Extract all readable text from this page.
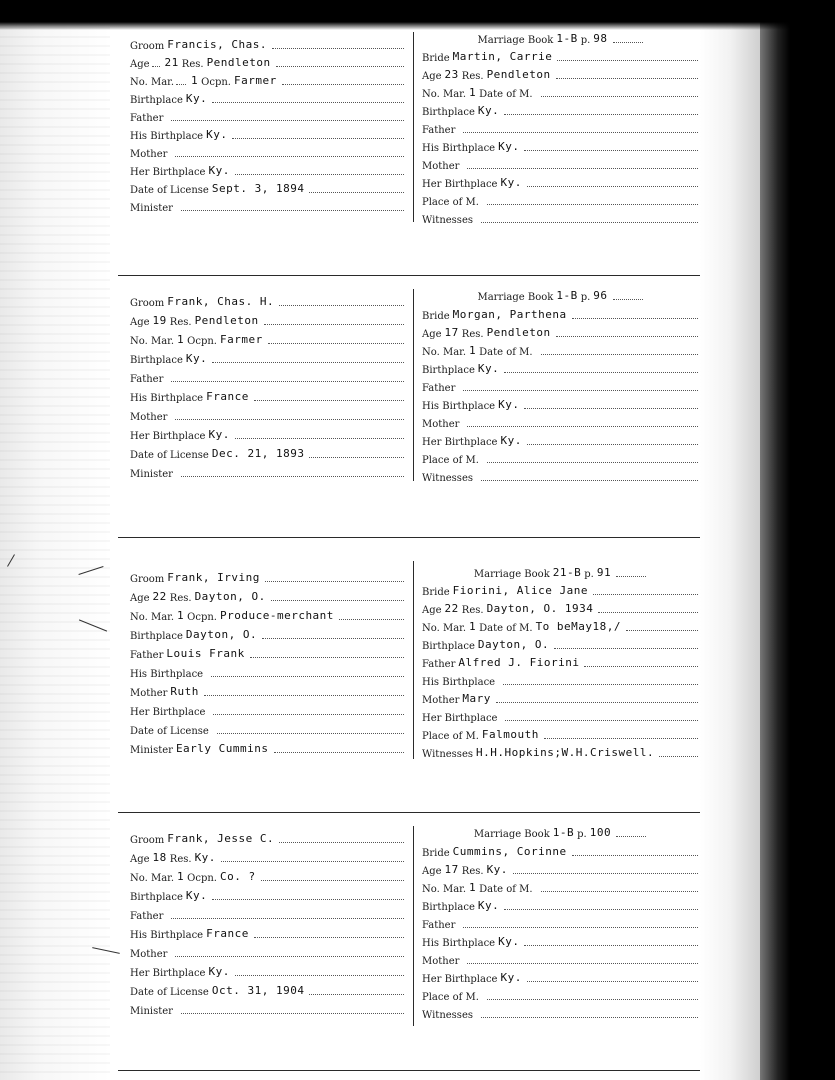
Groom Francis, Chas.
Age 21 Res. Pendleton
No. Mar. 1 Ocpn. Farmer
Birthplace Ky.
Father
His Birthplace Ky.
Mother
Her Birthplace Ky.
Date of License Sept. 3, 1894
Minister
Marriage Book 1-B p. 98
Bride Martin, Carrie
Age 23 Res. Pendleton
No. Mar. 1 Date of M.
Birthplace Ky.
Father
His Birthplace Ky.
Mother
Her Birthplace Ky.
Place of M.
Witnesses
Groom Frank, Chas. H.
Age 19 Res. Pendleton
No. Mar. 1 Ocpn. Farmer
Birthplace Ky.
Father
His Birthplace France
Mother
Her Birthplace Ky.
Date of License Dec. 21, 1893
Minister
Marriage Book 1-B p. 96
Bride Morgan, Parthena
Age 17 Res. Pendleton
No. Mar. 1 Date of M.
Birthplace Ky.
Father
His Birthplace Ky.
Mother
Her Birthplace Ky.
Place of M.
Witnesses
Groom Frank, Irving
Age 22 Res. Dayton, O.
No. Mar. 1 Ocpn. Produce-merchant
Birthplace Dayton, O.
Father Louis Frank
His Birthplace
Mother Ruth
Her Birthplace
Date of License
Minister Early Cummins
Marriage Book 21-B p. 91
Bride Fiorini, Alice Jane
Age 22 Res. Dayton, O. 1934
No. Mar. 1 Date of M. To beMay18,/
Birthplace Dayton, O.
Father Alfred J. Fiorini
His Birthplace
Mother Mary
Her Birthplace
Place of M. Falmouth
Witnesses H.H.Hopkins;W.H.Criswell.
Groom Frank, Jesse C.
Age 18 Res. Ky.
No. Mar. 1 Ocpn. Co. ?
Birthplace Ky.
Father
His Birthplace France
Mother
Her Birthplace Ky.
Date of License Oct. 31, 1904
Minister
Marriage Book 1-B p. 100
Bride Cummins, Corinne
Age 17 Res. Ky.
No. Mar. 1 Date of M.
Birthplace Ky.
Father
His Birthplace Ky.
Mother
Her Birthplace Ky.
Place of M.
Witnesses
